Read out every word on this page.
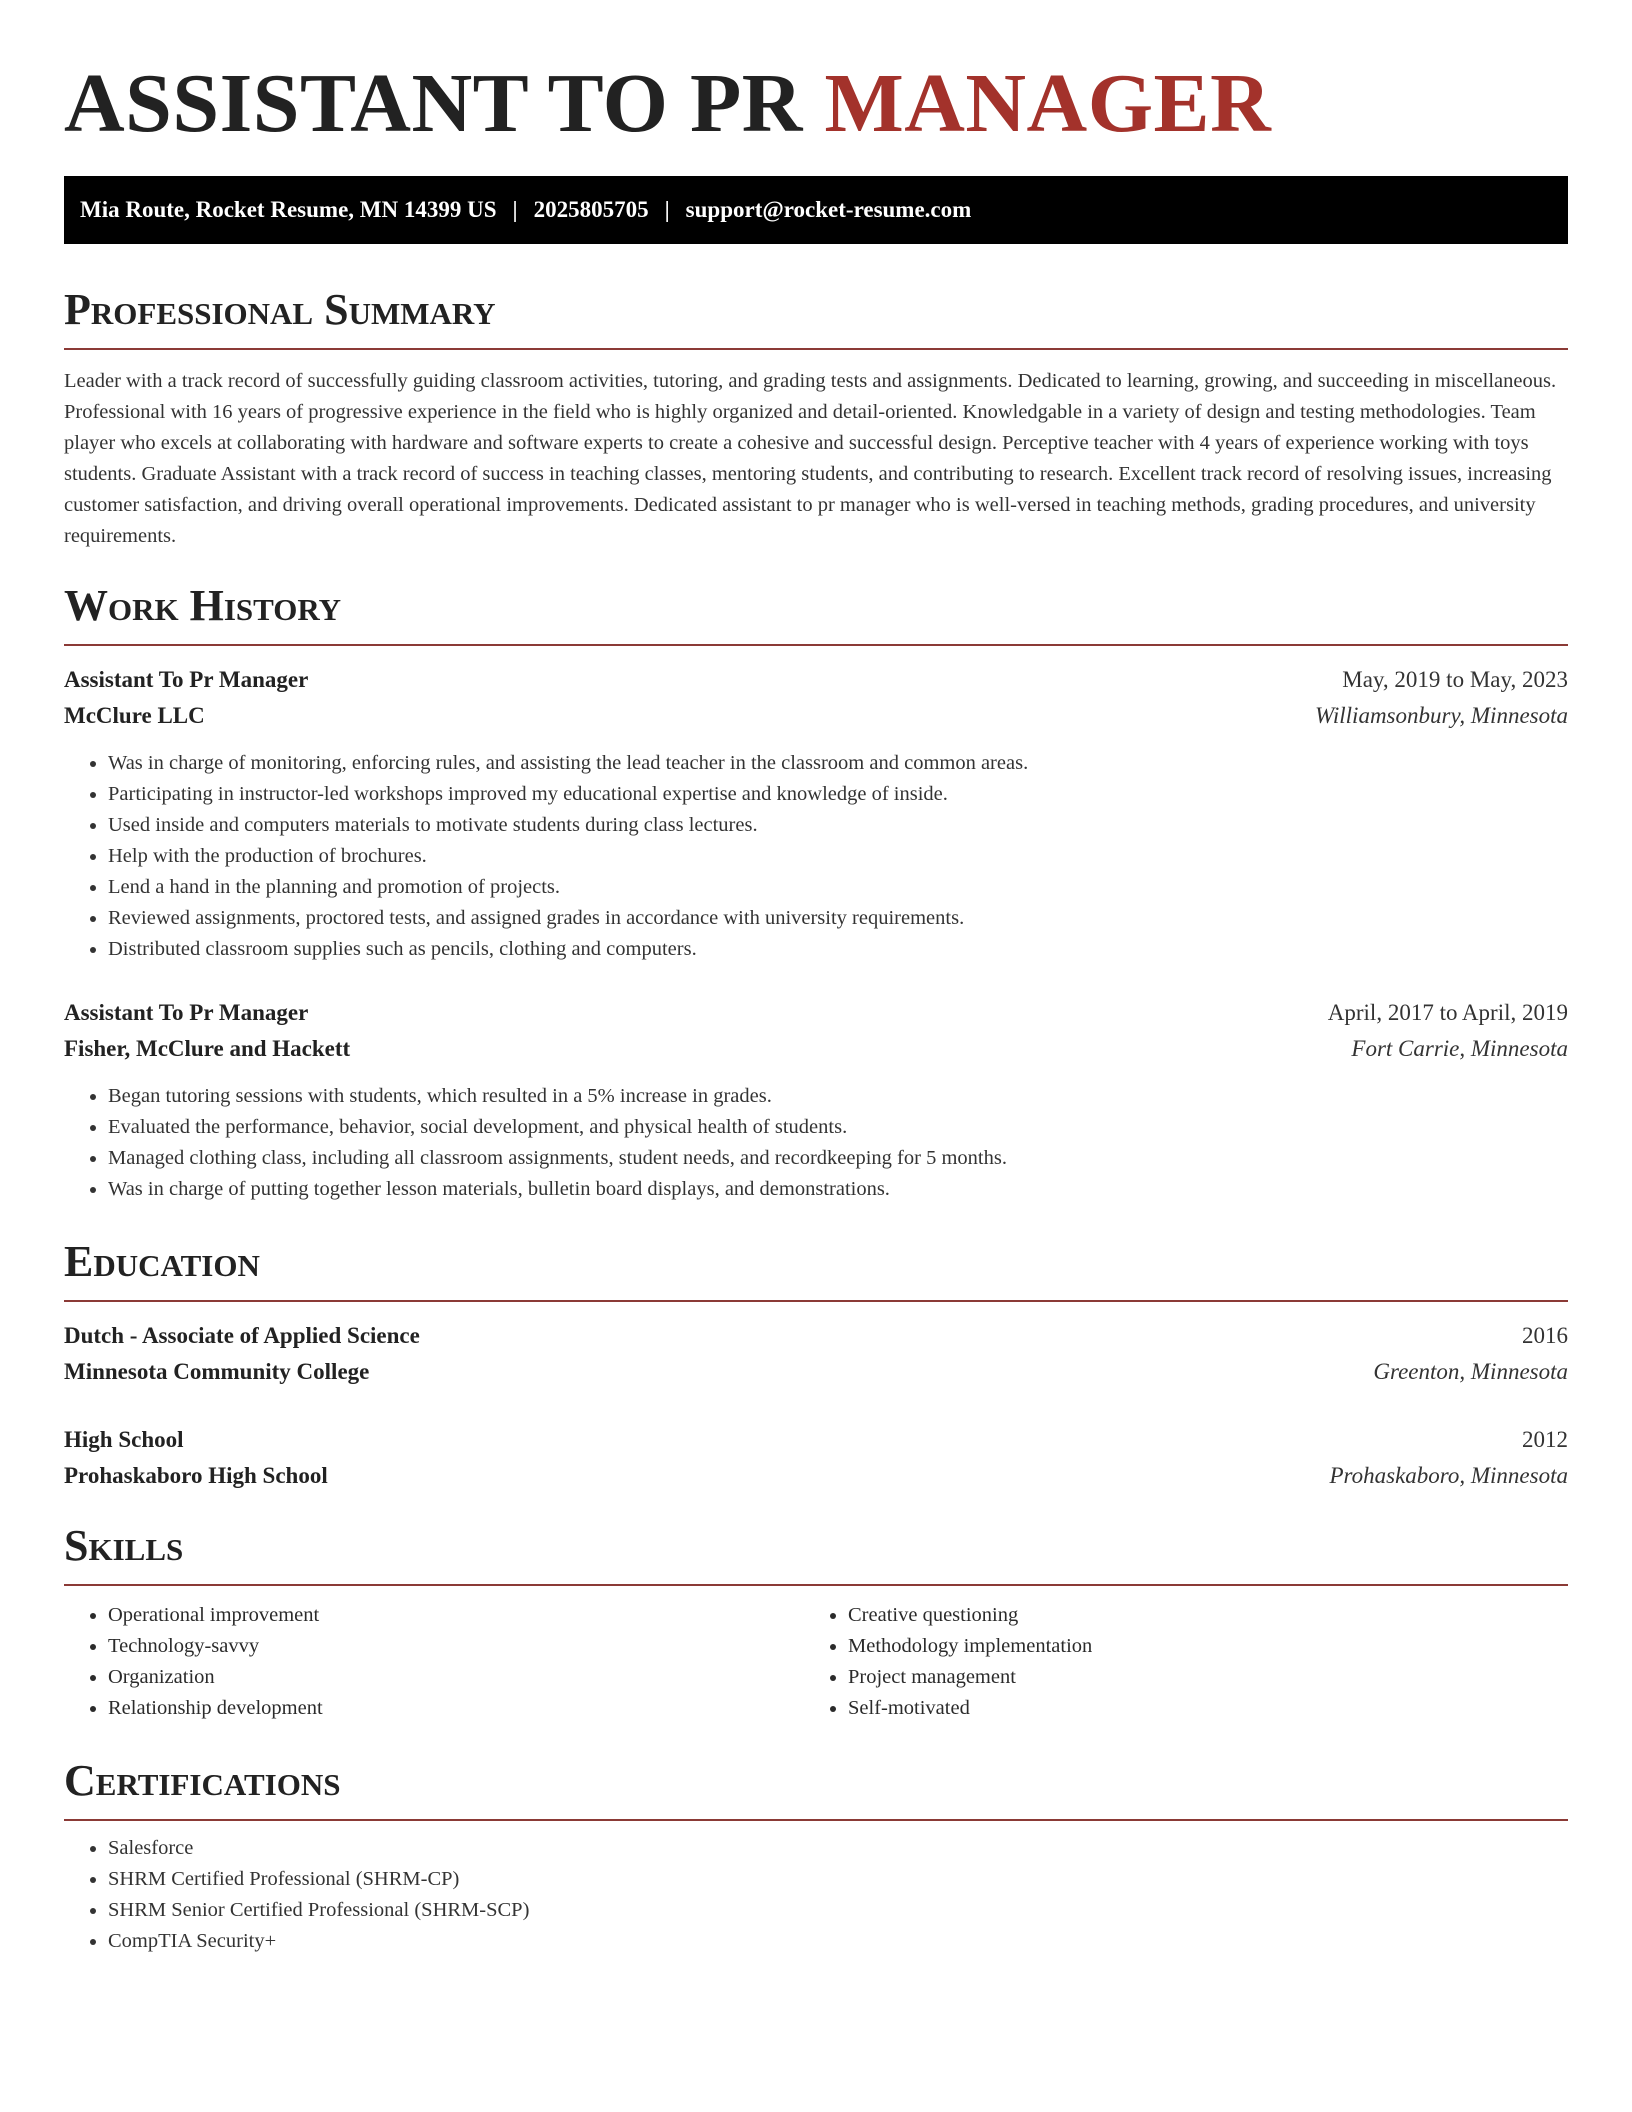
ASSISTANT TO PR MANAGER
Mia Route, Rocket Resume, MN 14399 US | 2025805705 | support@rocket-resume.com
Professional Summary

Leader with a track record of successfully guiding classroom activities, tutoring, and grading tests and assignments. Dedicated to learning, growing, and succeeding in miscellaneous. Professional with 16 years of progressive experience in the field who is highly organized and detail-oriented. Knowledgable in a variety of design and testing methodologies. Team player who excels at collaborating with hardware and software experts to create a cohesive and successful design. Perceptive teacher with 4 years of experience working with toys students. Graduate Assistant with a track record of success in teaching classes, mentoring students, and contributing to research. Excellent track record of resolving issues, increasing customer satisfaction, and driving overall operational improvements. Dedicated assistant to pr manager who is well-versed in teaching methods, grading procedures, and university requirements.

Work History
Assistant To Pr Manager	May, 2019 to May, 2023
McClure LLC	Williamsonbury, Minnesota
• Was in charge of monitoring, enforcing rules, and assisting the lead teacher in the classroom and common areas.
• Participating in instructor-led workshops improved my educational expertise and knowledge of inside.
• Used inside and computers materials to motivate students during class lectures.
• Help with the production of brochures.
• Lend a hand in the planning and promotion of projects.
• Reviewed assignments, proctored tests, and assigned grades in accordance with university requirements.
• Distributed classroom supplies such as pencils, clothing and computers.
Assistant To Pr Manager	April, 2017 to April, 2019
Fisher, McClure and Hackett	Fort Carrie, Minnesota
• Began tutoring sessions with students, which resulted in a 5% increase in grades.
• Evaluated the performance, behavior, social development, and physical health of students.
• Managed clothing class, including all classroom assignments, student needs, and recordkeeping for 5 months.
• Was in charge of putting together lesson materials, bulletin board displays, and demonstrations.
Education
Dutch - Associate of Applied Science	2016
Minnesota Community College	Greenton, Minnesota
High School	2012
Prohaskaboro High School	Prohaskaboro, Minnesota
Skills
• Operational improvement
• Technology-savvy
• Organization
• Relationship development
• Creative questioning
• Methodology implementation
• Project management
• Self-motivated
Certifications
• Salesforce
• SHRM Certified Professional (SHRM-CP)
• SHRM Senior Certified Professional (SHRM-SCP)
• CompTIA Security+
